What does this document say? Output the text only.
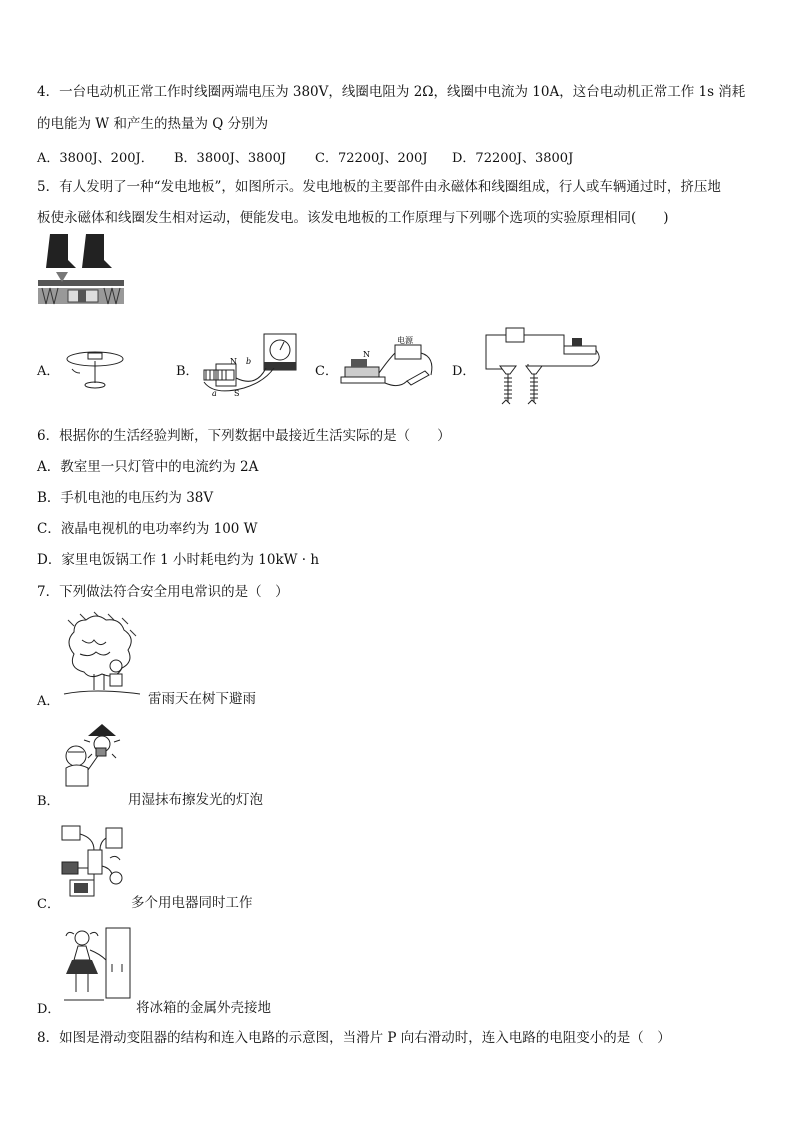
4．一台电动机正常工作时线圈两端电压为 380V，线圈电阻为 2Ω，线圈中电流为 10A，这台电动机正常工作 1s 消耗
的电能为 W 和产生的热量为 Q 分别为
A．3800J、200J． B．3800J、3800J C．72200J、200J D．72200J、3800J
5．有人发明了一种“发电地板”，如图所示。发电地板的主要部件由永磁体和线圈组成，行人或车辆通过时，挤压地
板使永磁体和线圈发生相对运动，便能发电。该发电地板的工作原理与下列哪个选项的实验原理相同(　　)
A．	B．
N
S
a
b
C．
电源
N
D．
6．根据你的生活经验判断，下列数据中最接近生活实际的是（　　）
A．教室里一只灯管中的电流约为 2A
B．手机电池的电压约为 38V
C．液晶电视机的电功率约为 100 W
D．家里电饭锅工作 1 小时耗电约为 10kW · h
7．下列做法符合安全用电常识的是（　）
A．	雷雨天在树下避雨
B．	用湿抹布擦发光的灯泡
C．	多个用电器同时工作
D．	将冰箱的金属外壳接地
8．如图是滑动变阻器的结构和连入电路的示意图，当滑片 P 向右滑动时，连入电路的电阻变小的是（　）
